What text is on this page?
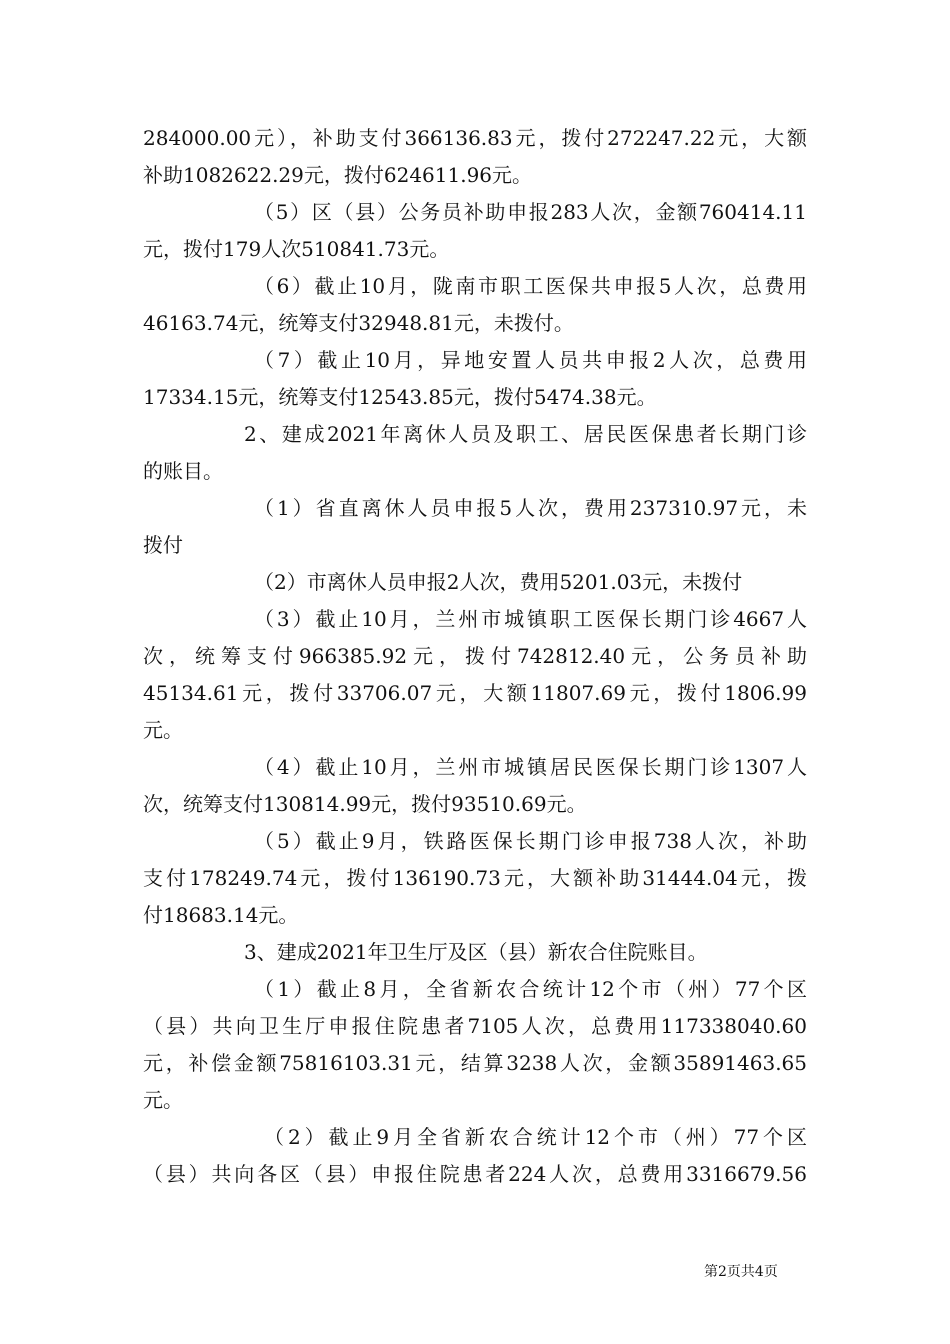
284000.00元），补助支付366136.83元，拨付272247.22元，大额
补助1082622.29元，拨付624611.96元。
（5）区（县）公务员补助申报283人次，金额760414.11
元，拨付179人次510841.73元。
（6）截止10月，陇南市职工医保共申报5人次，总费用
46163.74元，统筹支付32948.81元，未拨付。
（7）截止10月，异地安置人员共申报2人次，总费用
17334.15元，统筹支付12543.85元，拨付5474.38元。
2、建成2021年离休人员及职工、居民医保患者长期门诊
的账目。
（1）省直离休人员申报5人次，费用237310.97元，未
拨付
（2）市离休人员申报2人次，费用5201.03元，未拨付
（3）截止10月，兰州市城镇职工医保长期门诊4667人
次，统筹支付966385.92元，拨付742812.40元，公务员补助
45134.61元，拨付33706.07元，大额11807.69元，拨付1806.99
元。
（4）截止10月，兰州市城镇居民医保长期门诊1307人
次，统筹支付130814.99元，拨付93510.69元。
（5）截止9月，铁路医保长期门诊申报738人次，补助
支付178249.74元，拨付136190.73元，大额补助31444.04元，拨
付18683.14元。
3、建成2021年卫生厅及区（县）新农合住院账目。
（1）截止8月，全省新农合统计12个市（州）77个区
（县）共向卫生厅申报住院患者7105人次，总费用117338040.60
元，补偿金额75816103.31元，结算3238人次，金额35891463.65
元。
（2）截止9月全省新农合统计12个市（州）77个区
（县）共向各区（县）申报住院患者224人次，总费用3316679.56
第2页共4页
